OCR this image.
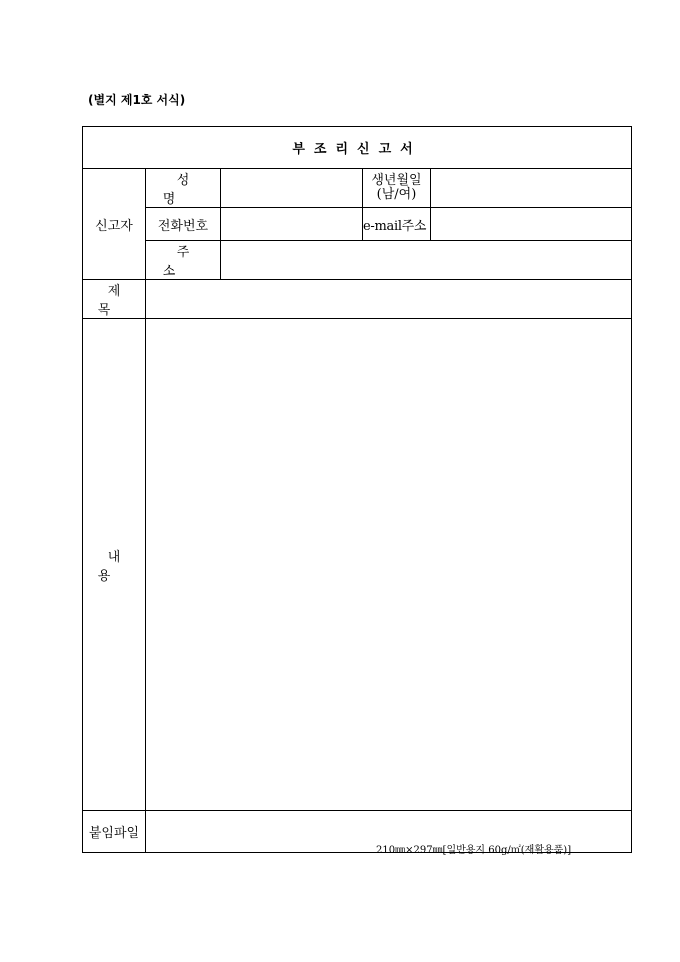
(별지 제1호 서식)
부조리신고서				
신고자	성 명		생년월일
(남/여)	

	전화번호		e-mail주소	
	주 소			
제 목				
내 용				
붙임파일				
210㎜×297㎜[일반용지 60g/㎡(재활용품)]
